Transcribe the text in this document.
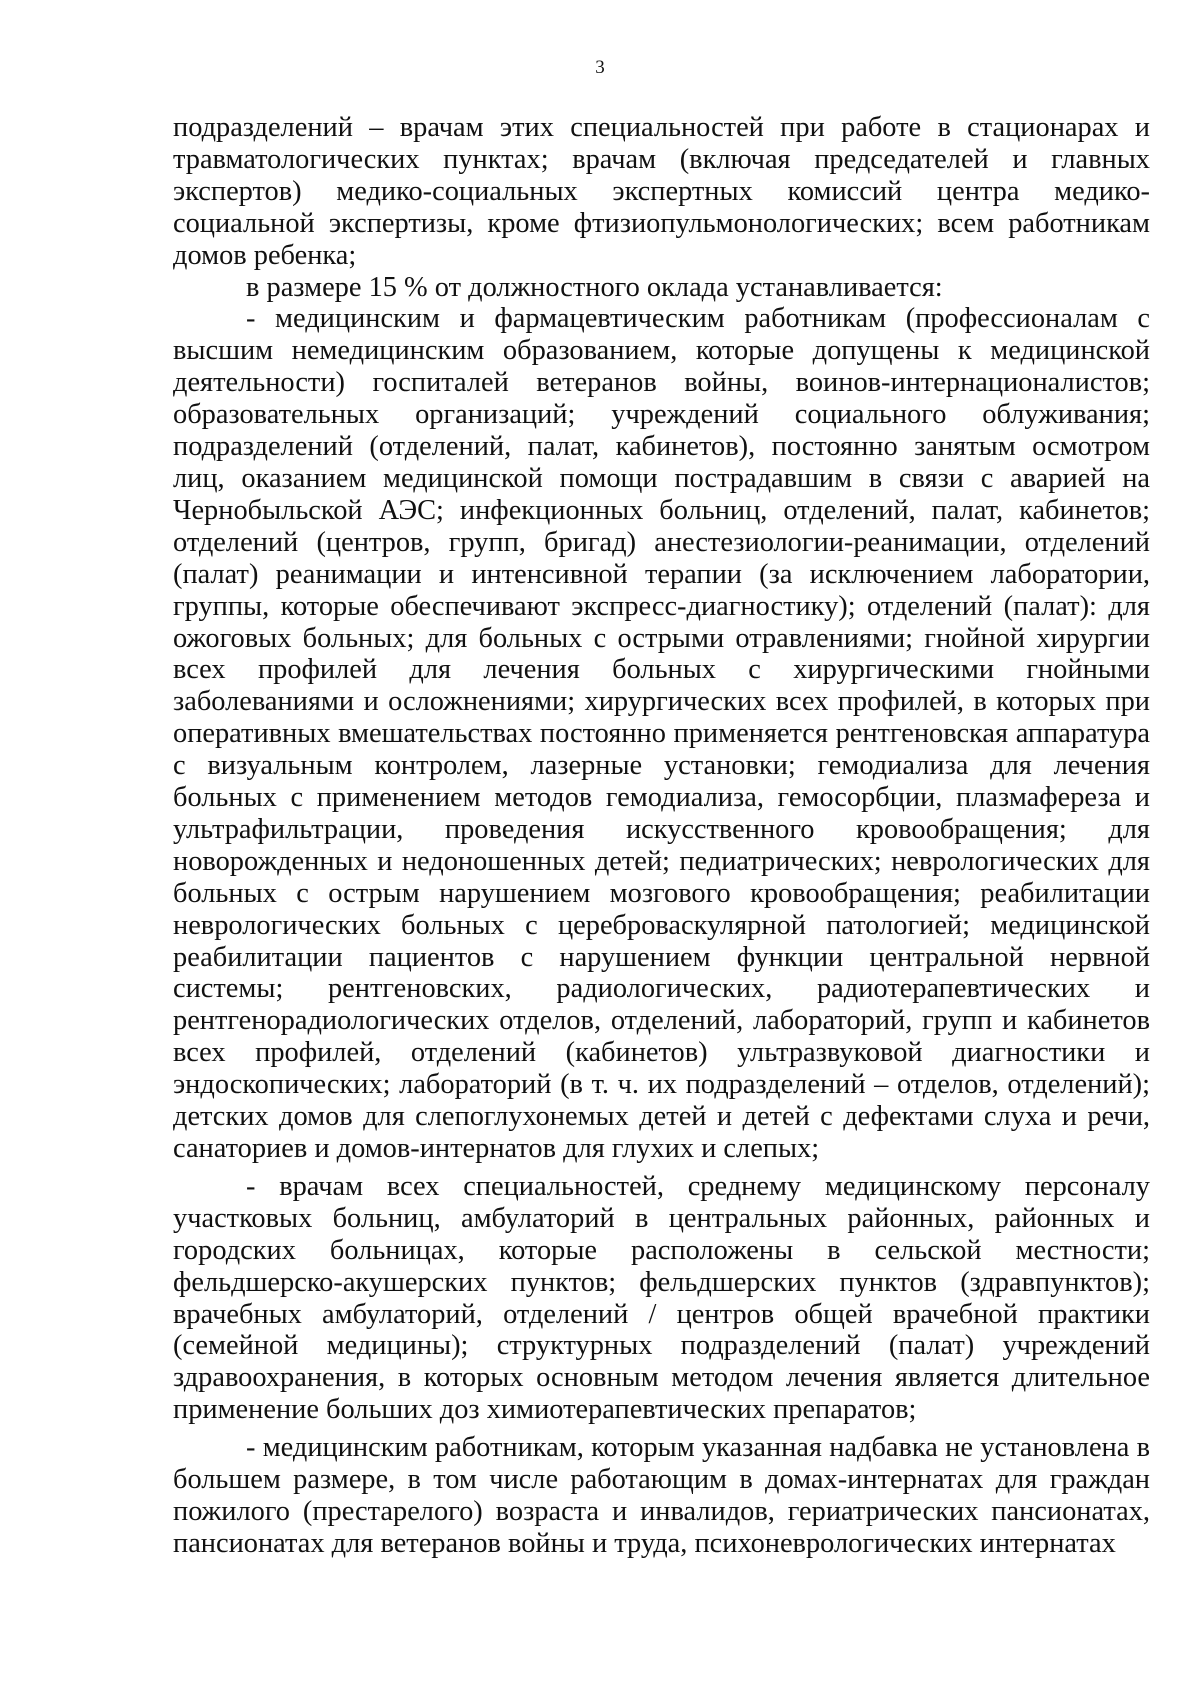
3

подразделений – врачам этих специальностей при работе в стационарах и травматологических пунктах; врачам (включая председателей и главных экспертов) медико-социальных экспертных комиссий центра медико-социальной экспертизы, кроме фтизиопульмонологических; всем работникам домов ребенка;

в размере 15 % от должностного оклада устанавливается:

- медицинским и фармацевтическим работникам (профессионалам с высшим немедицинским образованием, которые допущены к медицинской деятельности) госпиталей ветеранов войны, воинов-интернационалистов; образовательных организаций; учреждений социального облуживания; подразделений (отделений, палат, кабинетов), постоянно занятым осмотром лиц, оказанием медицинской помощи пострадавшим в связи с аварией на Чернобыльской АЭС; инфекционных больниц, отделений, палат, кабинетов; отделений (центров, групп, бригад) анестезиологии-реанимации, отделений (палат) реанимации и интенсивной терапии (за исключением лаборатории, группы, которые обеспечивают экспресс-диагностику); отделений (палат): для ожоговых больных; для больных с острыми отравлениями; гнойной хирургии всех профилей для лечения больных с хирургическими гнойными заболеваниями и осложнениями; хирургических всех профилей, в которых при оперативных вмешательствах постоянно применяется рентгеновская аппаратура с визуальным контролем, лазерные установки; гемодиализа для лечения больных с применением методов гемодиализа, гемосорбции, плазмафереза и ультрафильтрации, проведения искусственного кровообращения; для новорожденных и недоношенных детей; педиатрических; неврологических для больных с острым нарушением мозгового кровообращения; реабилитации неврологических больных с цереброваскулярной патологией; медицинской реабилитации пациентов с нарушением функции центральной нервной системы; рентгеновских, радиологических, радиотерапевтических и рентгенорадиологических отделов, отделений, лабораторий, групп и кабинетов всех профилей, отделений (кабинетов) ультразвуковой диагностики и эндоскопических; лабораторий (в т. ч. их подразделений – отделов, отделений); детских домов для слепоглухонемых детей и детей с дефектами слуха и речи, санаториев и домов-интернатов для глухих и слепых;

- врачам всех специальностей, среднему медицинскому персоналу участковых больниц, амбулаторий в центральных районных, районных и городских больницах, которые расположены в сельской местности; фельдшерско-акушерских пунктов; фельдшерских пунктов (здравпунктов); врачебных амбулаторий, отделений / центров общей врачебной практики (семейной медицины); структурных подразделений (палат) учреждений здравоохранения, в которых основным методом лечения является длительное применение больших доз химиотерапевтических препаратов;

- медицинским работникам, которым указанная надбавка не установлена в большем размере, в том числе работающим в домах-интернатах для граждан пожилого (престарелого) возраста и инвалидов, гериатрических пансионатах, пансионатах для ветеранов войны и труда, психоневрологических интернатах
